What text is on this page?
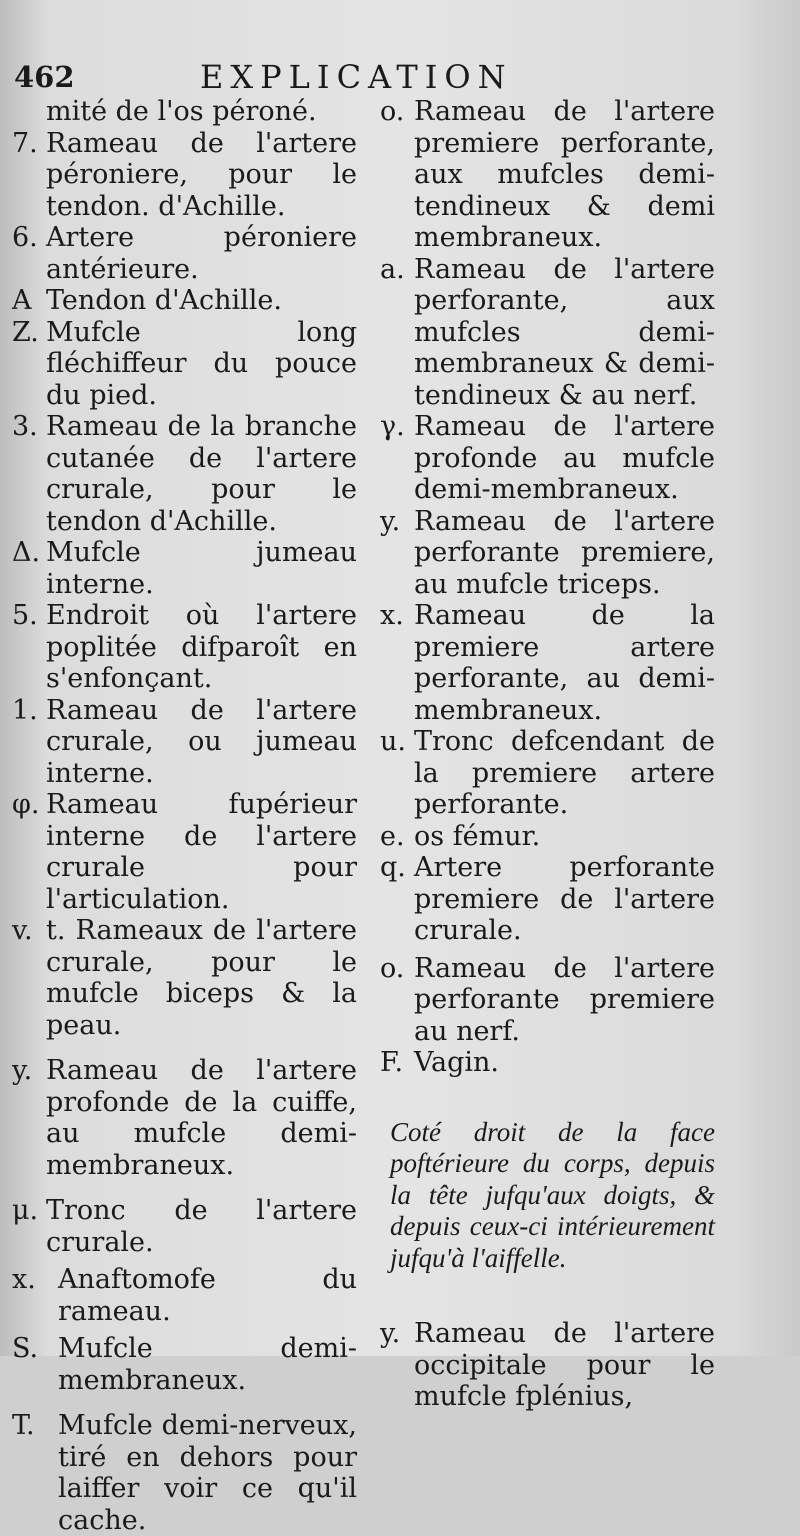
462	EXPLICATION
mité de l'os péroné.
7. Rameau de l'artere péroniere, pour le tendon. d'Achille.
6. Artere péroniere antérieure.
A Tendon d'Achille.
Z. Mufcle long fléchiffeur du pouce du pied.
3. Rameau de la branche cutanée de l'artere crurale, pour le tendon d'Achille.
Δ. Mufcle jumeau interne.
5. Endroit où l'artere poplitée difparoît en s'enfonçant.
1. Rameau de l'artere crurale, ou jumeau interne.
φ. Rameau fupérieur interne de l'artere crurale pour l'articulation.
v. t. Rameaux de l'artere crurale, pour le mufcle biceps & la peau.
y. Rameau de l'artere profonde de la cuiffe, au mufcle demi-membraneux.
μ. Tronc de l'artere crurale.
x. Anaftomofe du rameau.
S. Mufcle demi-membraneux.
T. Mufcle demi-nerveux, tiré en dehors pour laiffer voir ce qu'il cache.
o. Rameau de l'artere premiere perforante, aux mufcles demi-tendineux & demi membraneux.
a. Rameau de l'artere perforante, aux mufcles demi-membraneux & demi-tendineux & au nerf.
γ. Rameau de l'artere profonde au mufcle demi-membraneux.
y. Rameau de l'artere perforante premiere, au mufcle triceps.
x. Rameau de la premiere artere perforante, au demi-membraneux.
u. Tronc defcendant de la premiere artere perforante.
e. os fémur.
q. Artere perforante premiere de l'artere crurale.
o. Rameau de l'artere perforante premiere au nerf.
F. Vagin.
Coté droit de la face poftérieure du corps, depuis la tête jufqu'aux doigts, & depuis ceux-ci intérieurement jufqu'à l'aiffelle.
y. Rameau de l'artere occipitale pour le mufcle fplénius,
